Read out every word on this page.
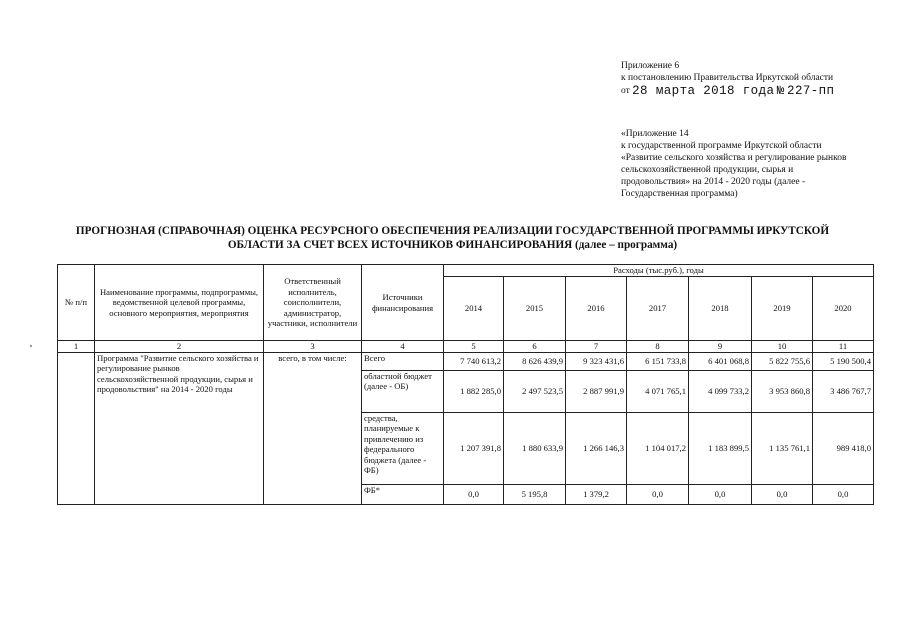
Приложение 6
к постановлению Правительства Иркутской области
от 28 марта 2018 года № 227-пп
«Приложение 14
к государственной программе Иркутской области
«Развитие сельского хозяйства и регулирование рынков
сельскохозяйственной продукции, сырья и
продовольствия» на 2014 - 2020 годы (далее -
Государственная программа)
ПРОГНОЗНАЯ (СПРАВОЧНАЯ) ОЦЕНКА РЕСУРСНОГО ОБЕСПЕЧЕНИЯ РЕАЛИЗАЦИИ ГОСУДАРСТВЕННОЙ ПРОГРАММЫ ИРКУТСКОЙ
ОБЛАСТИ ЗА СЧЕТ ВСЕХ ИСТОЧНИКОВ ФИНАНСИРОВАНИЯ (далее – программа)
№ п/п	Наименование программы, подпрограммы, ведомственной целевой программы, основного мероприятия, мероприятия	Ответственный исполнитель, соисполнители, администратор, участники, исполнители	Источники финансирования	Расходы (тыс.руб.), годы						
				2014	2015	2016	2017	2018	2019	2020
1	2	3	4	5	6	7	8	9	10	11
	Программа "Развитие сельского хозяйства и регулирование рынков сельскохозяйственной продукции, сырья и продовольствия" на 2014 - 2020 годы	всего, в том числе:	Всего	7 740 613,2	8 626 439,9	9 323 431,6	6 151 733,8	6 401 068,8	5 822 755,6	5 190 500,4
			областной бюджет (далее - ОБ)	1 882 285,0	2 497 523,5	2 887 991,9	4 071 765,1	4 099 733,2	3 953 860,8	3 486 767,7
			средства, планируемые к привлечению из федерального бюджета (далее - ФБ)	1 207 391,8	1 880 633,9	1 266 146,3	1 104 017,2	1 183 899,5	1 135 761,1	989 418,0
			ФБ*	0,0	5 195,8	1 379,2	0,0	0,0	0,0	0,0
